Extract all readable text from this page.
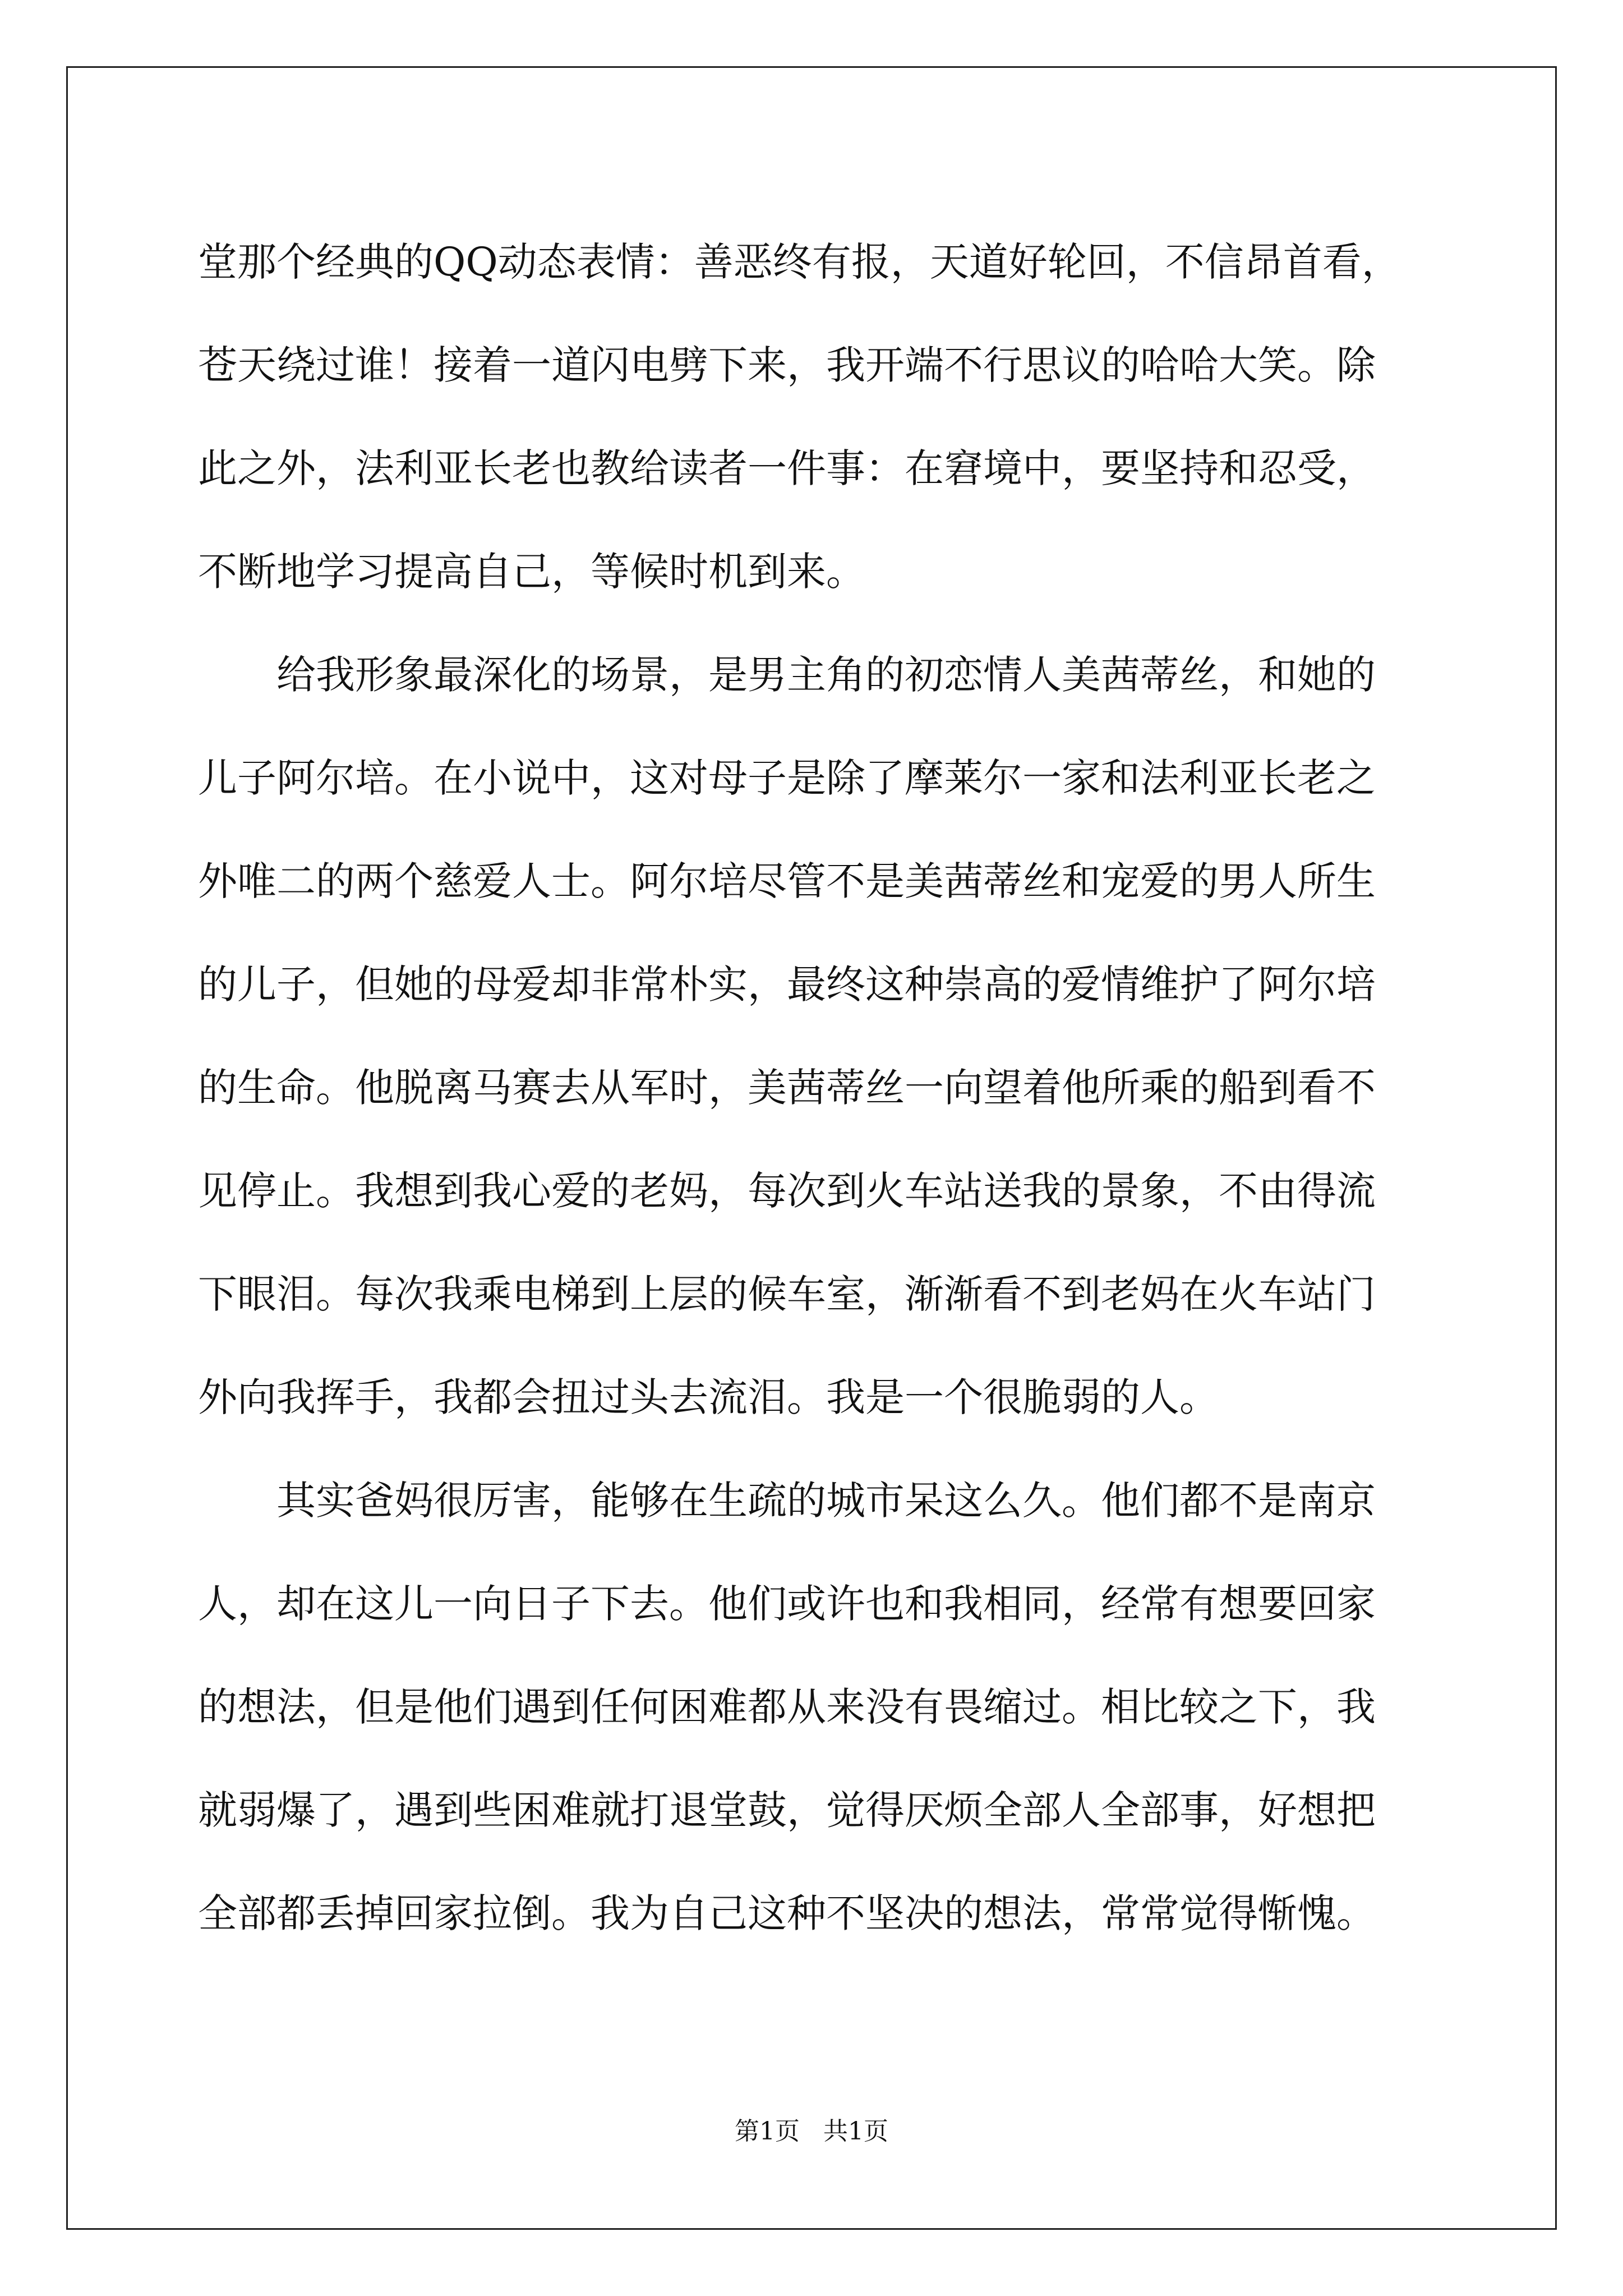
堂那个经典的QQ动态表情：善恶终有报，天道好轮回，不信昂首看，
苍天绕过谁！接着一道闪电劈下来，我开端不行思议的哈哈大笑。除
此之外，法利亚长老也教给读者一件事：在窘境中，要坚持和忍受，
不断地学习提高自己，等候时机到来。
　　给我形象最深化的场景，是男主角的初恋情人美茜蒂丝，和她的
儿子阿尔培。在小说中，这对母子是除了摩莱尔一家和法利亚长老之
外唯二的两个慈爱人士。阿尔培尽管不是美茜蒂丝和宠爱的男人所生
的儿子，但她的母爱却非常朴实，最终这种崇高的爱情维护了阿尔培
的生命。他脱离马赛去从军时，美茜蒂丝一向望着他所乘的船到看不
见停止。我想到我心爱的老妈，每次到火车站送我的景象，不由得流
下眼泪。每次我乘电梯到上层的候车室，渐渐看不到老妈在火车站门
外向我挥手，我都会扭过头去流泪。我是一个很脆弱的人。
　　其实爸妈很厉害，能够在生疏的城市呆这么久。他们都不是南京
人，却在这儿一向日子下去。他们或许也和我相同，经常有想要回家
的想法，但是他们遇到任何困难都从来没有畏缩过。相比较之下，我
就弱爆了，遇到些困难就打退堂鼓，觉得厌烦全部人全部事，好想把
全部都丢掉回家拉倒。我为自己这种不坚决的想法，常常觉得惭愧。
第1页   共1页
